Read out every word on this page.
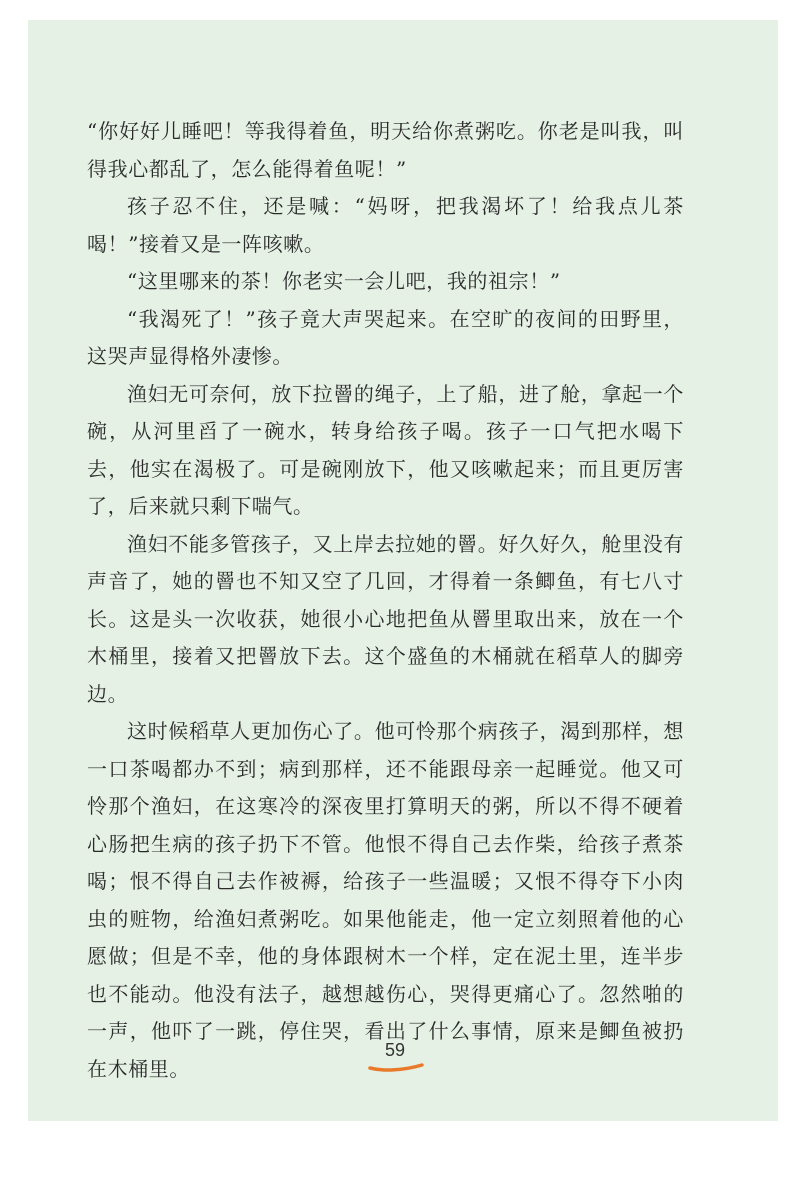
“你好好儿睡吧！等我得着鱼，明天给你煮粥吃。你老是叫我，叫得我心都乱了，怎么能得着鱼呢！”

孩子忍不住，还是喊：“妈呀，把我渴坏了！给我点儿茶喝！”接着又是一阵咳嗽。

“这里哪来的茶！你老实一会儿吧，我的祖宗！”

“我渴死了！”孩子竟大声哭起来。在空旷的夜间的田野里，这哭声显得格外凄惨。

渔妇无可奈何，放下拉罾的绳子，上了船，进了舱，拿起一个碗，从河里舀了一碗水，转身给孩子喝。孩子一口气把水喝下去，他实在渴极了。可是碗刚放下，他又咳嗽起来；而且更厉害了，后来就只剩下喘气。

渔妇不能多管孩子，又上岸去拉她的罾。好久好久，舱里没有声音了，她的罾也不知又空了几回，才得着一条鲫鱼，有七八寸长。这是头一次收获，她很小心地把鱼从罾里取出来，放在一个木桶里，接着又把罾放下去。这个盛鱼的木桶就在稻草人的脚旁边。

这时候稻草人更加伤心了。他可怜那个病孩子，渴到那样，想一口茶喝都办不到；病到那样，还不能跟母亲一起睡觉。他又可怜那个渔妇，在这寒冷的深夜里打算明天的粥，所以不得不硬着心肠把生病的孩子扔下不管。他恨不得自己去作柴，给孩子煮茶喝；恨不得自己去作被褥，给孩子一些温暖；又恨不得夺下小肉虫的赃物，给渔妇煮粥吃。如果他能走，他一定立刻照着他的心愿做；但是不幸，他的身体跟树木一个样，定在泥土里，连半步也不能动。他没有法子，越想越伤心，哭得更痛心了。忽然啪的一声，他吓了一跳，停住哭，看出了什么事情，原来是鲫鱼被扔在木桶里。

59
